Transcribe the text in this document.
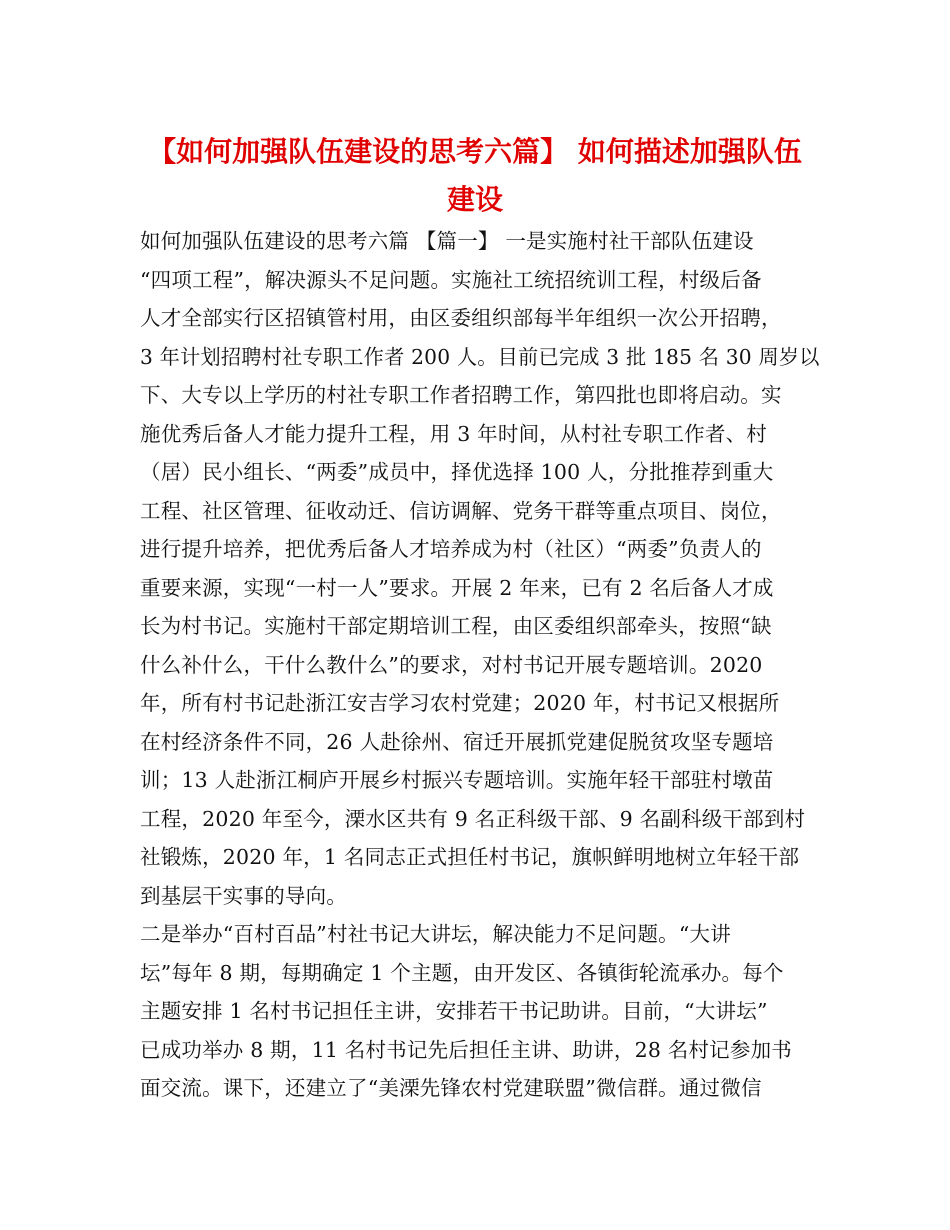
【如何加强队伍建设的思考六篇】 如何描述加强队伍
建设
如何加强队伍建设的思考六篇 【篇一】 一是实施村社干部队伍建设
“四项工程”，解决源头不足问题。实施社工统招统训工程，村级后备
人才全部实行区招镇管村用，由区委组织部每半年组织一次公开招聘，
3 年计划招聘村社专职工作者 200 人。目前已完成 3 批 185 名 30 周岁以
下、大专以上学历的村社专职工作者招聘工作，第四批也即将启动。实
施优秀后备人才能力提升工程，用 3 年时间，从村社专职工作者、村
（居）民小组长、“两委”成员中，择优选择 100 人，分批推荐到重大
工程、社区管理、征收动迁、信访调解、党务干群等重点项目、岗位，
进行提升培养，把优秀后备人才培养成为村（社区）“两委”负责人的
重要来源，实现“一村一人”要求。开展 2 年来，已有 2 名后备人才成
长为村书记。实施村干部定期培训工程，由区委组织部牵头，按照“缺
什么补什么，干什么教什么”的要求，对村书记开展专题培训。2020
年，所有村书记赴浙江安吉学习农村党建；2020 年，村书记又根据所
在村经济条件不同，26 人赴徐州、宿迁开展抓党建促脱贫攻坚专题培
训；13 人赴浙江桐庐开展乡村振兴专题培训。实施年轻干部驻村墩苗
工程，2020 年至今，溧水区共有 9 名正科级干部、9 名副科级干部到村
社锻炼，2020 年，1 名同志正式担任村书记，旗帜鲜明地树立年轻干部
到基层干实事的导向。
二是举办“百村百品”村社书记大讲坛，解决能力不足问题。“大讲
坛”每年 8 期，每期确定 1 个主题，由开发区、各镇街轮流承办。每个
主题安排 1 名村书记担任主讲，安排若干书记助讲。目前，“大讲坛”
已成功举办 8 期，11 名村书记先后担任主讲、助讲，28 名村记参加书
面交流。课下，还建立了“美溧先锋农村党建联盟”微信群。通过微信
